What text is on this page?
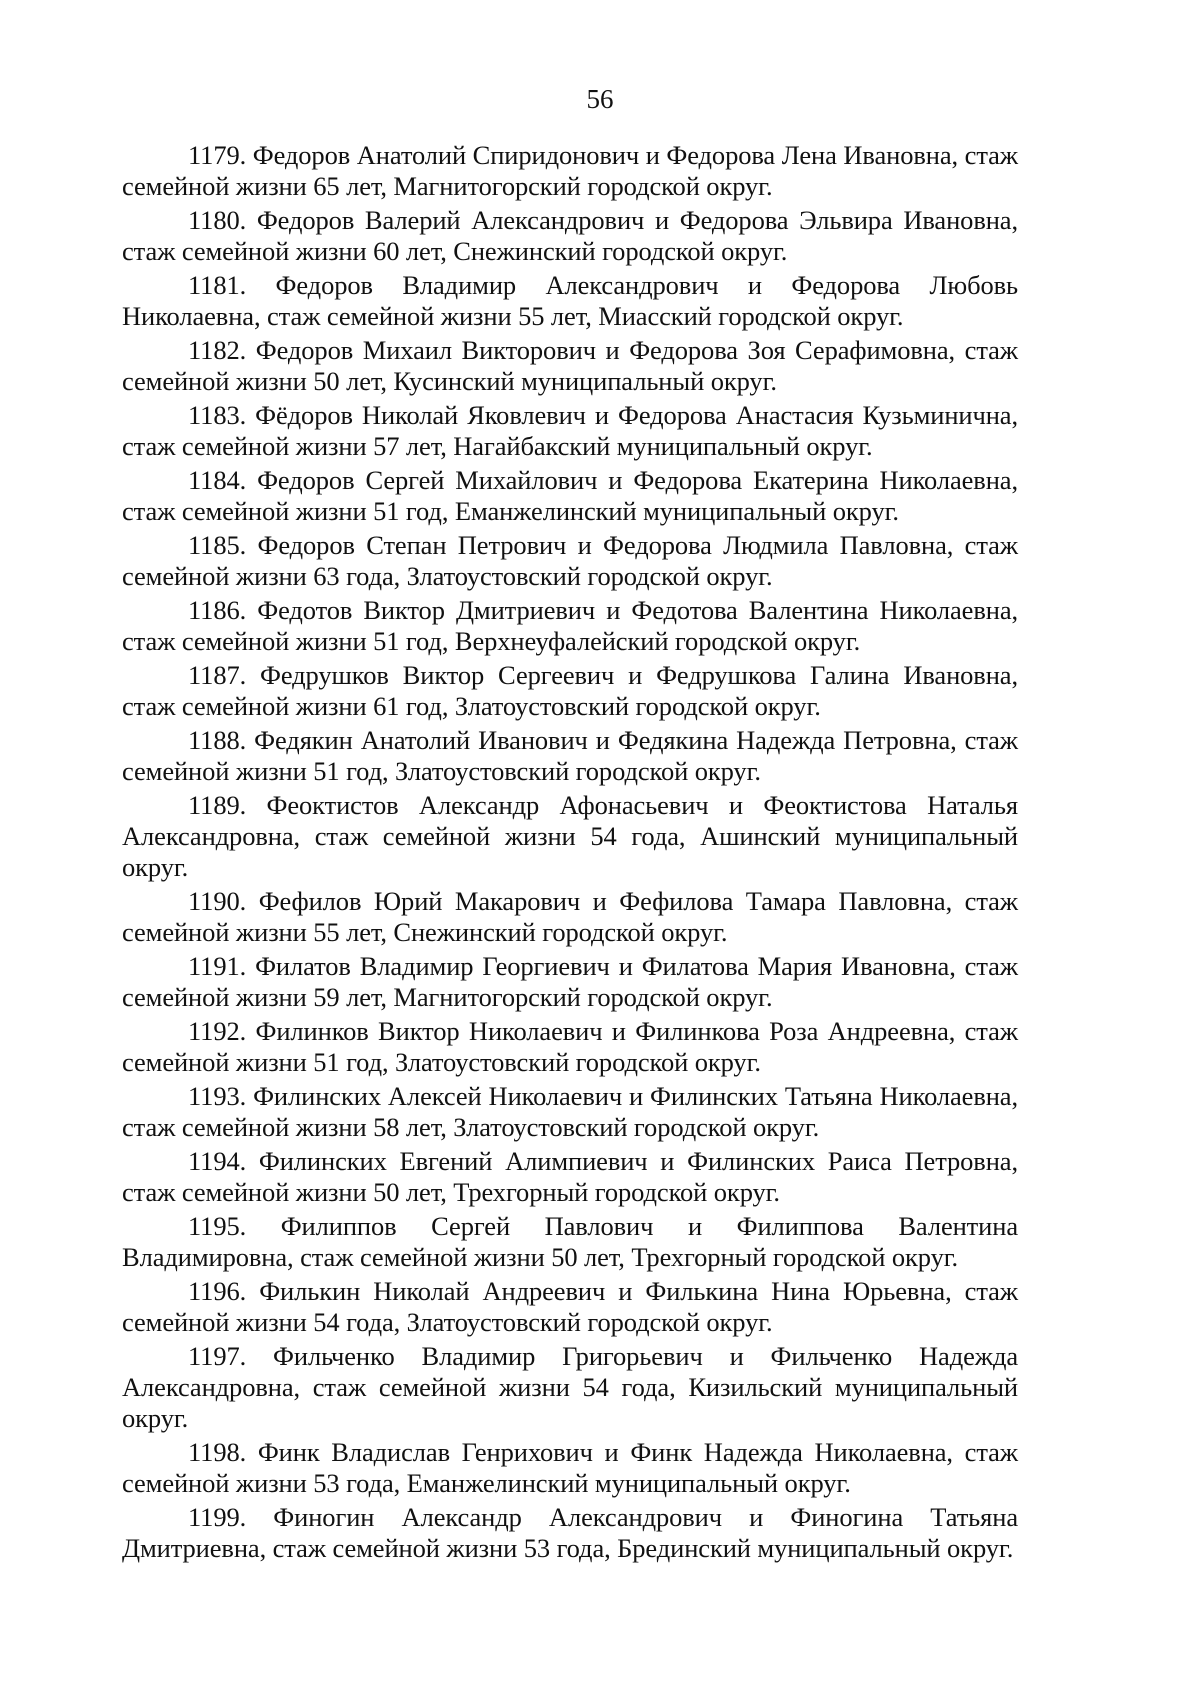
56

1179. Федоров Анатолий Спиридонович и Федорова Лена Ивановна, стаж семейной жизни 65 лет, Магнитогорский городской округ.

1180. Федоров Валерий Александрович и Федорова Эльвира Ивановна, стаж семейной жизни 60 лет, Снежинский городской округ.

1181. Федоров Владимир Александрович и Федорова Любовь Николаевна, стаж семейной жизни 55 лет, Миасский городской округ.

1182. Федоров Михаил Викторович и Федорова Зоя Серафимовна, стаж семейной жизни 50 лет, Кусинский муниципальный округ.

1183. Фёдоров Николай Яковлевич и Федорова Анастасия Кузьминична, стаж семейной жизни 57 лет, Нагайбакский муниципальный округ.

1184. Федоров Сергей Михайлович и Федорова Екатерина Николаевна, стаж семейной жизни 51 год, Еманжелинский муниципальный округ.

1185. Федоров Степан Петрович и Федорова Людмила Павловна, стаж семейной жизни 63 года, Златоустовский городской округ.

1186. Федотов Виктор Дмитриевич и Федотова Валентина Николаевна, стаж семейной жизни 51 год, Верхнеуфалейский городской округ.

1187. Федрушков Виктор Сергеевич и Федрушкова Галина Ивановна, стаж семейной жизни 61 год, Златоустовский городской округ.

1188. Федякин Анатолий Иванович и Федякина Надежда Петровна, стаж семейной жизни 51 год, Златоустовский городской округ.

1189. Феоктистов Александр Афонасьевич и Феоктистова Наталья Александровна, стаж семейной жизни 54 года, Ашинский муниципальный округ.

1190. Фефилов Юрий Макарович и Фефилова Тамара Павловна, стаж семейной жизни 55 лет, Снежинский городской округ.

1191. Филатов Владимир Георгиевич и Филатова Мария Ивановна, стаж семейной жизни 59 лет, Магнитогорский городской округ.

1192. Филинков Виктор Николаевич и Филинкова Роза Андреевна, стаж семейной жизни 51 год, Златоустовский городской округ.

1193. Филинских Алексей Николаевич и Филинских Татьяна Николаевна, стаж семейной жизни 58 лет, Златоустовский городской округ.

1194. Филинских Евгений Алимпиевич и Филинских Раиса Петровна, стаж семейной жизни 50 лет, Трехгорный городской округ.

1195. Филиппов Сергей Павлович и Филиппова Валентина Владимировна, стаж семейной жизни 50 лет, Трехгорный городской округ.

1196. Филькин Николай Андреевич и Филькина Нина Юрьевна, стаж семейной жизни 54 года, Златоустовский городской округ.

1197. Фильченко Владимир Григорьевич и Фильченко Надежда Александровна, стаж семейной жизни 54 года, Кизильский муниципальный округ.

1198. Финк Владислав Генрихович и Финк Надежда Николаевна, стаж семейной жизни 53 года, Еманжелинский муниципальный округ.

1199. Финогин Александр Александрович и Финогина Татьяна Дмитриевна, стаж семейной жизни 53 года, Брединский муниципальный округ.
